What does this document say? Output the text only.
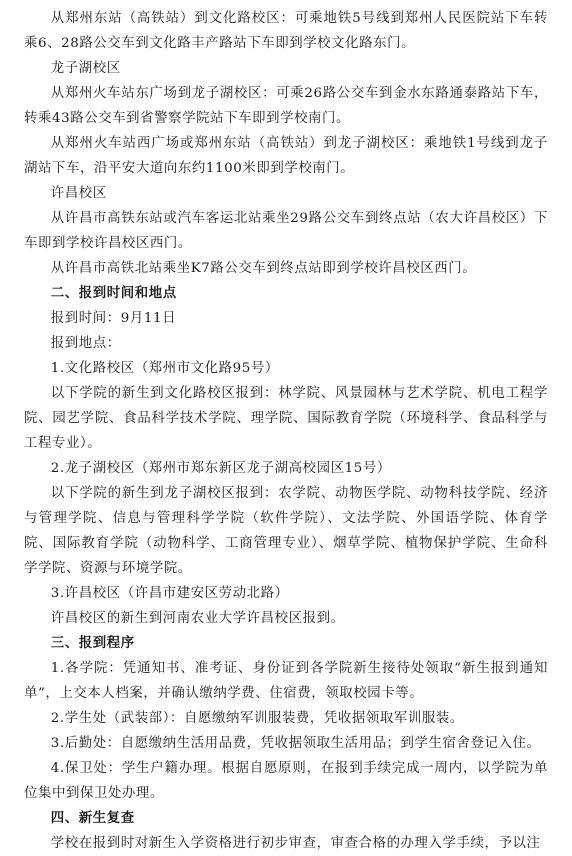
从郑州东站（高铁站）到文化路校区：可乘地铁5号线到郑州人民医院站下车转乘6、28路公交车到文化路丰产路站下车即到学校文化路东门。

龙子湖校区

从郑州火车站东广场到龙子湖校区：可乘26路公交车到金水东路通泰路站下车，转乘43路公交车到省警察学院站下车即到学校南门。

从郑州火车站西广场或郑州东站（高铁站）到龙子湖校区：乘地铁1号线到龙子湖站下车，沿平安大道向东约1100米即到学校南门。

许昌校区

从许昌市高铁东站或汽车客运北站乘坐29路公交车到终点站（农大许昌校区）下车即到学校许昌校区西门。

从许昌市高铁北站乘坐K7路公交车到终点站即到学校许昌校区西门。

二、报到时间和地点

报到时间：9月11日

报到地点：

1.文化路校区（郑州市文化路95号）

以下学院的新生到文化路校区报到：林学院、风景园林与艺术学院、机电工程学院、园艺学院、食品科学技术学院、理学院、国际教育学院（环境科学、食品科学与工程专业）。

2.龙子湖校区（郑州市郑东新区龙子湖高校园区15号）

以下学院的新生到龙子湖校区报到：农学院、动物医学院、动物科技学院、经济与管理学院、信息与管理科学学院（软件学院）、文法学院、外国语学院、体育学院、国际教育学院（动物科学、工商管理专业）、烟草学院、植物保护学院、生命科学学院、资源与环境学院。

3.许昌校区（许昌市建安区劳动北路）

许昌校区的新生到河南农业大学许昌校区报到。

三、报到程序

1.各学院：凭通知书、准考证、身份证到各学院新生接待处领取“新生报到通知单”，上交本人档案，并确认缴纳学费、住宿费，领取校园卡等。

2.学生处（武装部）：自愿缴纳军训服装费，凭收据领取军训服装。

3.后勤处：自愿缴纳生活用品费，凭收据领取生活用品；到学生宿舍登记入住。

4.保卫处：学生户籍办理。根据自愿原则，在报到手续完成一周内，以学院为单位集中到保卫处办理。

四、新生复查

学校在报到时对新生入学资格进行初步审查，审查合格的办理入学手续，予以注
